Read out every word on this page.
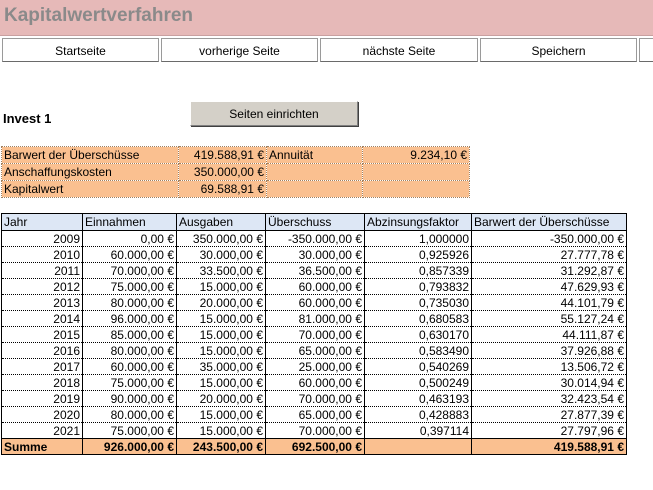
Kapitalwertverfahren
Startseite	vorherige Seite	nächste Seite	Speichern
Invest 1	Seiten einrichten
Barwert der Überschüsse	419.588,91 €	Annuität	9.234,10 €
Anschaffungskosten	350.000,00 €		
Kapitalwert	69.588,91 €		
Jahr	Einnahmen	Ausgaben	Überschuss	Abzinsungsfaktor	Barwert der Überschüsse
2009	0,00 €	350.000,00 €	-350.000,00 €	1,000000	-350.000,00 €
2010	60.000,00 €	30.000,00 €	30.000,00 €	0,925926	27.777,78 €
2011	70.000,00 €	33.500,00 €	36.500,00 €	0,857339	31.292,87 €
2012	75.000,00 €	15.000,00 €	60.000,00 €	0,793832	47.629,93 €
2013	80.000,00 €	20.000,00 €	60.000,00 €	0,735030	44.101,79 €
2014	96.000,00 €	15.000,00 €	81.000,00 €	0,680583	55.127,24 €
2015	85.000,00 €	15.000,00 €	70.000,00 €	0,630170	44.111,87 €
2016	80.000,00 €	15.000,00 €	65.000,00 €	0,583490	37.926,88 €
2017	60.000,00 €	35.000,00 €	25.000,00 €	0,540269	13.506,72 €
2018	75.000,00 €	15.000,00 €	60.000,00 €	0,500249	30.014,94 €
2019	90.000,00 €	20.000,00 €	70.000,00 €	0,463193	32.423,54 €
2020	80.000,00 €	15.000,00 €	65.000,00 €	0,428883	27.877,39 €
2021	75.000,00 €	15.000,00 €	70.000,00 €	0,397114	27.797,96 €
Summe	926.000,00 €	243.500,00 €	692.500,00 €		419.588,91 €
